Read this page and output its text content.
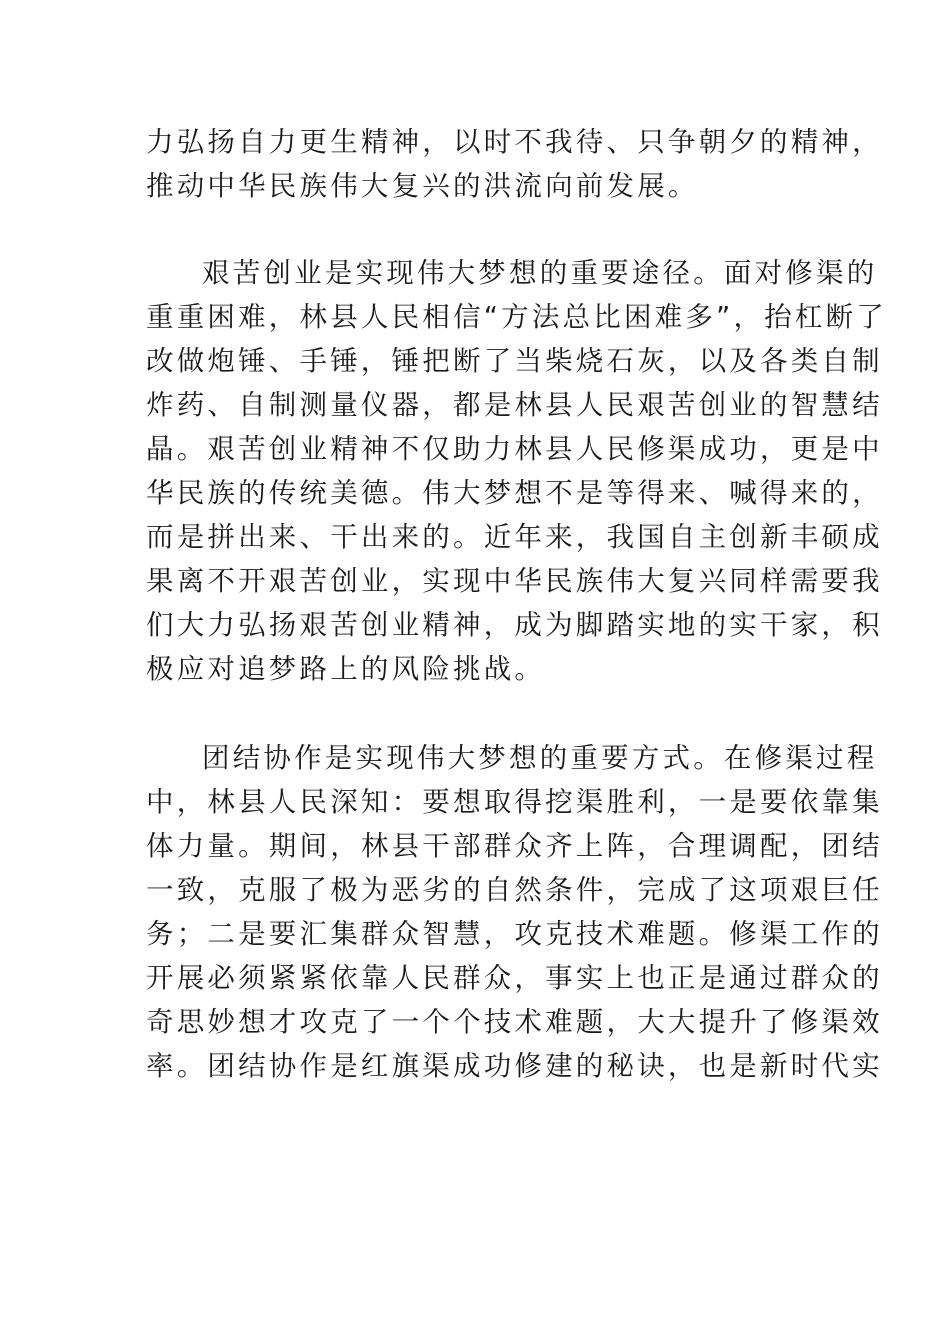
力弘扬自力更生精神，以时不我待、只争朝夕的精神，
推动中华民族伟大复兴的洪流向前发展。
艰苦创业是实现伟大梦想的重要途径。面对修渠的
重重困难，林县人民相信“方法总比困难多”，抬杠断了
改做炮锤、手锤，锤把断了当柴烧石灰，以及各类自制
炸药、自制测量仪器，都是林县人民艰苦创业的智慧结
晶。艰苦创业精神不仅助力林县人民修渠成功，更是中
华民族的传统美德。伟大梦想不是等得来、喊得来的，
而是拼出来、干出来的。近年来，我国自主创新丰硕成
果离不开艰苦创业，实现中华民族伟大复兴同样需要我
们大力弘扬艰苦创业精神，成为脚踏实地的实干家，积
极应对追梦路上的风险挑战。
团结协作是实现伟大梦想的重要方式。在修渠过程
中，林县人民深知：要想取得挖渠胜利，一是要依靠集
体力量。期间，林县干部群众齐上阵，合理调配，团结
一致，克服了极为恶劣的自然条件，完成了这项艰巨任
务；二是要汇集群众智慧，攻克技术难题。修渠工作的
开展必须紧紧依靠人民群众，事实上也正是通过群众的
奇思妙想才攻克了一个个技术难题，大大提升了修渠效
率。团结协作是红旗渠成功修建的秘诀，也是新时代实
